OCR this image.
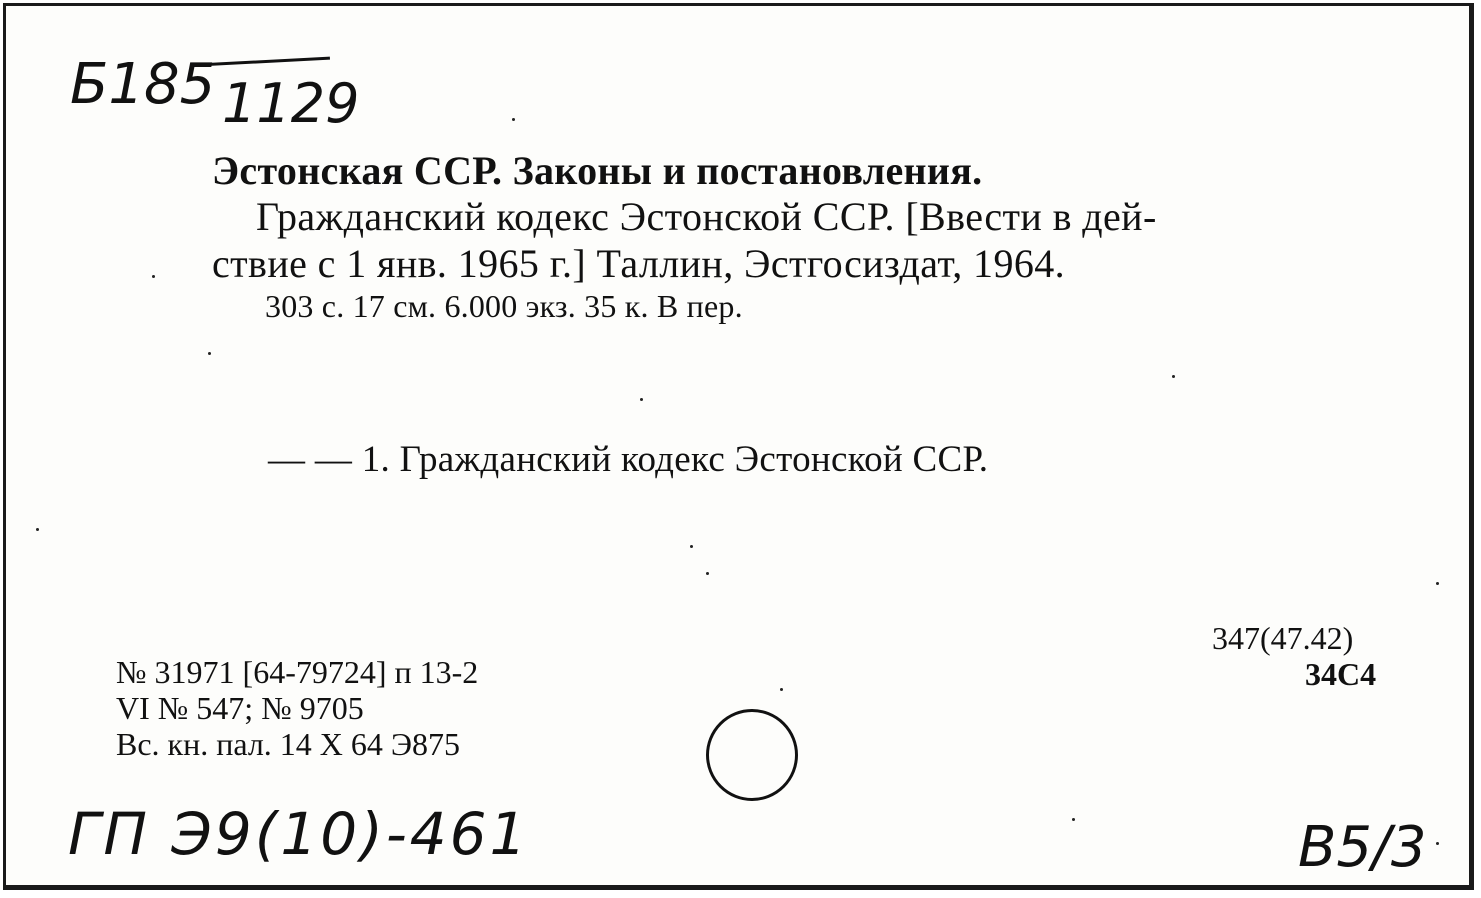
Б185 1129
Эстонская ССР. Законы и постановления.
Гражданский кодекс Эстонской ССР. [Ввести в дей-
ствие с 1 янв. 1965 г.] Таллин, Эстгосиздат, 1964.
303 с. 17 см. 6.000 экз. 35 к. В пер.
— — 1. Гражданский кодекс Эстонской ССР.
347(47.42)
34C4
№ 31971 [64-79724] п 13-2
VI № 547; № 9705
Вс. кн. пал. 14 X 64 Э875
ГП Э9(10)-461	В5/3
